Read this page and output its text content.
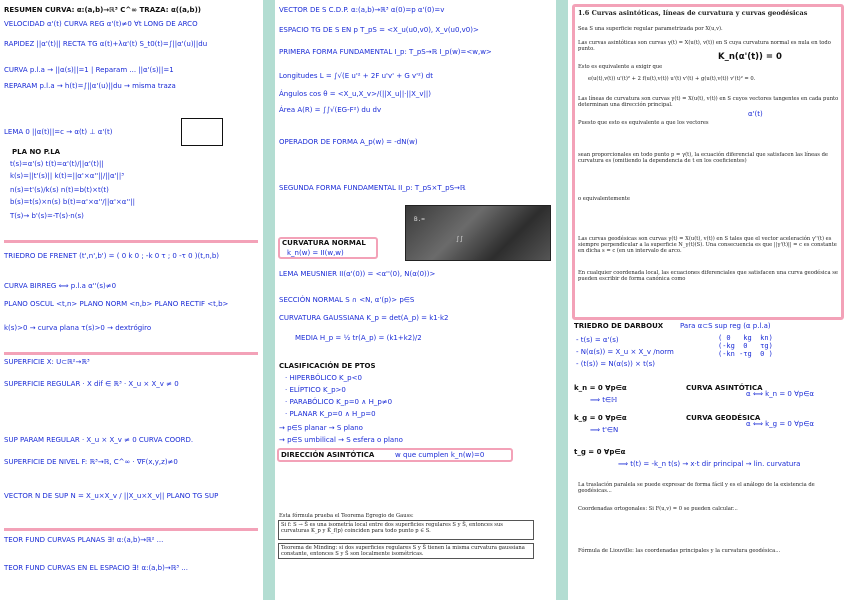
RESUMEN CURVA: α:(a,b)→ℝ³ C^∞ TRAZA: α((a,b))
VELOCIDAD α'(t) CURVA REG α'(t)≠0 ∀t LONG DE ARCO
RAPIDEZ ||α'(t)|| RECTA TG α(t)+λα'(t) S_t0(t)=∫||α'(u)||du
CURVA p.l.a → ||α(s)||=1 | Reparam ... ||α'(s)||=1
REPARAM p.l.a → h(t)=∫||α'(u)||du → misma traza
LEMA 0 ||α(t)||=c → α(t) ⊥ α'(t)
PLA NO P.LA
t(s)=α'(s) t(t)=α'(t)/||α'(t)||
k(s)=||t'(s)|| k(t)=||α'×α''||/||α'||³
n(s)=t'(s)/k(s) n(t)=b(t)×t(t)
b(s)=t(s)×n(s) b(t)=α'×α''/||α'×α''||
T(s)→ b'(s)=-T(s)·n(s)
TRIEDRO DE FRENET (t',n',b') = ( 0 k 0 ; -k 0 τ ; 0 -τ 0 )(t,n,b)
CURVA BIRREG ⟺ p.l.a α''(s)≠0
PLANO OSCUL <t,n> PLANO NORM <n,b> PLANO RECTIF <t,b>
k(s)>0 → curva plana τ(s)>0 → dextrógiro
SUPERFICIE X: U⊂ℝ²→ℝ³
SUPERFICIE REGULAR · X dif ∈ ℝ³ · X_u × X_v ≠ 0
SUP PARAM REGULAR · X_u × X_v ≠ 0 CURVA COORD.
SUPERFICIE DE NIVEL F: ℝ³→ℝ, C^∞ · ∇F(x,y,z)≠0
VECTOR N DE SUP N = X_u×X_v / ||X_u×X_v|| PLANO TG SUP
TEOR FUND CURVAS PLANAS ∃! α:(a,b)→ℝ² ...
TEOR FUND CURVAS EN EL ESPACIO ∃! α:(a,b)→ℝ³ ...
VECTOR DE S C.D.P. α:(a,b)→ℝ³ α(0)=p α'(0)=v
ESPACIO TG DE S EN p T_pS = <X_u(u0,v0), X_v(u0,v0)>
PRIMERA FORMA FUNDAMENTAL I_p: T_pS→ℝ I_p(w)=<w,w>
Longitudes L = ∫√(E u'² + 2F u'v' + G v'²) dt
Ángulos cos θ = <X_u,X_v>/(||X_u||·||X_v||)
Área A(R) = ∫∫√(EG-F²) du dv
OPERADOR DE FORMA A_p(w) = -dN(w)
SEGUNDA FORMA FUNDAMENTAL II_p: T_pS×T_pS→ℝ
B.=
∫∫
CURVATURA NORMAL
k_n(w) = II(w,w)
LEMA MEUSNIER II(α'(0)) = <α''(0), N(α(0))>
SECCIÓN NORMAL S ∩ <N, α'(p)> p∈S
CURVATURA GAUSSIANA K_p = det(A_p) = k1·k2
MEDIA H_p = ½ tr(A_p) = (k1+k2)/2
CLASIFICACIÓN DE PTOS
· HIPERBÓLICO K_p<0
· ELÍPTICO K_p>0
· PARABÓLICO K_p=0 ∧ H_p≠0
· PLANAR K_p=0 ∧ H_p=0
→ p∈S planar → S plano
→ p∈S umbilical → S esfera o plano
DIRECCIÓN ASINTÓTICA	w que cumplen k_n(w)=0
Esta fórmula prueba el Teorema Egregio de Gauss:
Si f: S → S̃ es una isometría local entre dos superficies regulares S y S̃, entonces sus curvaturas K_p y K̃_f(p) coinciden para todo punto p ∈ S.
Teorema de Minding: si dos superficies regulares S y S̃ tienen la misma curvatura gaussiana constante, entonces S y S̃ son localmente isométricas.
1.6 Curvas asintóticas, líneas de curvatura y curvas geodésicas
Sea S una superficie regular parametrizada por X(u,v).
Las curvas asintóticas son curvas γ(t) = X(u(t), v(t)) en S cuya curvatura normal es nula en todo punto.
K_n(α'(t)) = 0
Esto es equivalente a exigir que
e(u(t),v(t)) u'(t)² + 2 f(u(t),v(t)) u'(t) v'(t) + g(u(t),v(t)) v'(t)² = 0.
Las líneas de curvatura son curvas γ(t) = X(u(t), v(t)) en S cuyos vectores tangentes en cada punto determinan una dirección principal.
α'(t)
Puesto que esto es equivalente a que los vectores
sean proporcionales en todo punto p = γ(t), la ecuación diferencial que satisfacen las líneas de curvatura es (omitiendo la dependencia de t en los coeficientes)
o equivalentemente
Las curvas geodésicas son curvas γ(t) = X(u(t), v(t)) en S tales que el vector aceleración γ''(t) es siempre perpendicular a la superficie N_γ(t)(S). Una consecuencia es que ||γ'(t)|| = c es constante en dicha s = c (en un intervalo de arco.
En cualquier coordenada local, las ecuaciones diferenciales que satisfacen una curva geodésica se pueden escribir de forma canónica como
TRIEDRO DE DARBOUX Para α⊂S sup reg (α p.l.a)
- t(s) = α'(s)
- N(α(s)) = X_u × X_v /norm
- (t(s)) = N(α(s)) × t(s)
( 0   kg  kn)
(-kg  0   τg)
(-kn -τg  0 )
k_n = 0 ∀p∈α
⟹ t∈ℍ
CURVA ASINTÓTICA
α ⟺ k_n = 0 ∀p∈α
k_g = 0 ∀p∈α
⟹ t'∈N
CURVA GEODÉSICA
α ⟺ k_g = 0 ∀p∈α
t_g = 0 ∀p∈α
⟹ t(t) = -k_n t(s) → x·t dir principal → lin. curvatura
La traslación paralela se puede expresar de forma fácil y es el análogo de la existencia de geodésicas...
Coordenadas ortogonales: Si F(u,v) = 0 se pueden calcular...
Fórmula de Liouville: las coordenadas principales y la curvatura geodésica...
